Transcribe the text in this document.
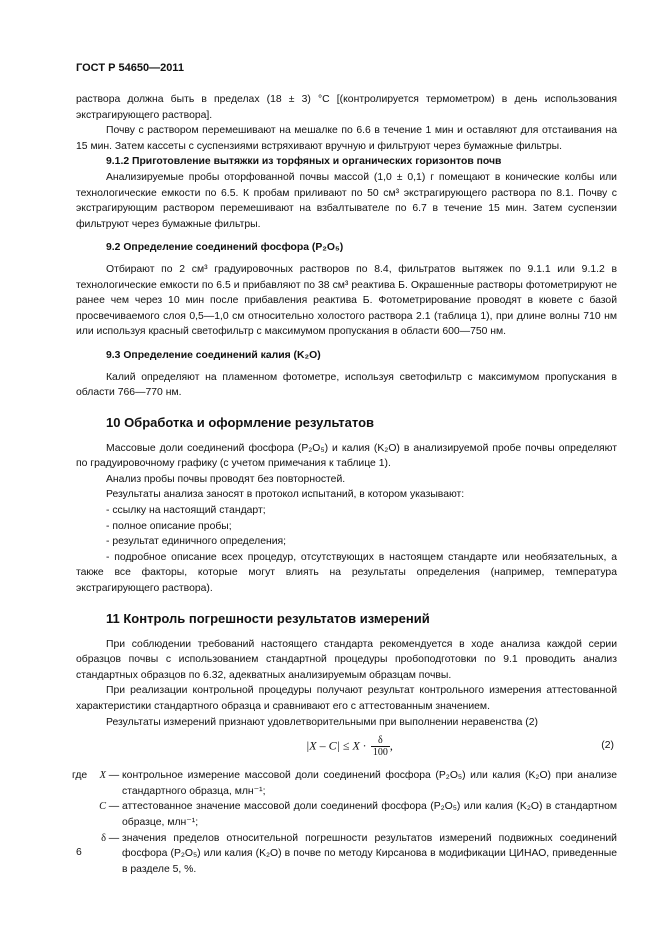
ГОСТ Р 54650—2011

раствора должна быть в пределах (18 ± 3) °С [(контролируется термометром) в день использования экстрагирующего раствора].

Почву с раствором перемешивают на мешалке по 6.6 в течение 1 мин и оставляют для отстаивания на 15 мин. Затем кассеты с суспензиями встряхивают вручную и фильтруют через бумажные фильтры.

9.1.2 Приготовление вытяжки из торфяных и органических горизонтов почв

Анализируемые пробы оторфованной почвы массой (1,0 ± 0,1) г помещают в конические колбы или технологические емкости по 6.5. К пробам приливают по 50 см³ экстрагирующего раствора по 8.1. Почву с экстрагирующим раствором перемешивают на взбалтывателе по 6.7 в течение 15 мин. Затем суспензии фильтруют через бумажные фильтры.

9.2 Определение соединений фосфора (P₂O₅)

Отбирают по 2 см³ градуировочных растворов по 8.4, фильтратов вытяжек по 9.1.1 или 9.1.2 в технологические емкости по 6.5 и прибавляют по 38 см³ реактива Б. Окрашенные растворы фотометрируют не ранее чем через 10 мин после прибавления реактива Б. Фотометрирование проводят в кювете с базой просвечиваемого слоя 0,5—1,0 см относительно холостого раствора 2.1 (таблица 1), при длине волны 710 нм или используя красный светофильтр с максимумом пропускания в области 600—750 нм.

9.3 Определение соединений калия (K₂O)

Калий определяют на пламенном фотометре, используя светофильтр с максимумом пропускания в области 766—770 нм.

10 Обработка и оформление результатов

Массовые доли соединений фосфора (P₂O₅) и калия (K₂O) в анализируемой пробе почвы определяют по градуировочному графику (с учетом примечания к таблице 1).

Анализ пробы почвы проводят без повторностей.

Результаты анализа заносят в протокол испытаний, в котором указывают:

- ссылку на настоящий стандарт;

- полное описание пробы;

- результат единичного определения;

- подробное описание всех процедур, отсутствующих в настоящем стандарте или необязательных, а также все факторы, которые могут влиять на результаты определения (например, температура экстрагирующего раствора).

11 Контроль погрешности результатов измерений

При соблюдении требований настоящего стандарта рекомендуется в ходе анализа каждой серии образцов почвы с использованием стандартной процедуры пробоподготовки по 9.1 проводить анализ стандартных образцов по 6.32, адекватных анализируемым образцам почвы.

При реализации контрольной процедуры получают результат контрольного измерения аттестованной характеристики стандартного образца и сравнивают его с аттестованным значением.

Результаты измерений признают удовлетворительными при выполнении неравенства (2)

$|X - C| \le X \cdot \frac{\delta}{100}$ ,	(2)
где	X — контрольное измерение массовой доли соединений фосфора (P₂O₅) или калия (K₂O) при анализе стандартного образца, млн⁻¹;
C — аттестованное значение массовой доли соединений фосфора (P₂O₅) или калия (K₂O) в стандартном образце, млн⁻¹;
δ — значения пределов относительной погрешности результатов измерений подвижных соединений фосфора (P₂O₅) или калия (K₂O) в почве по методу Кирсанова в модификации ЦИНАО, приведенные в разделе 5, %.
6
